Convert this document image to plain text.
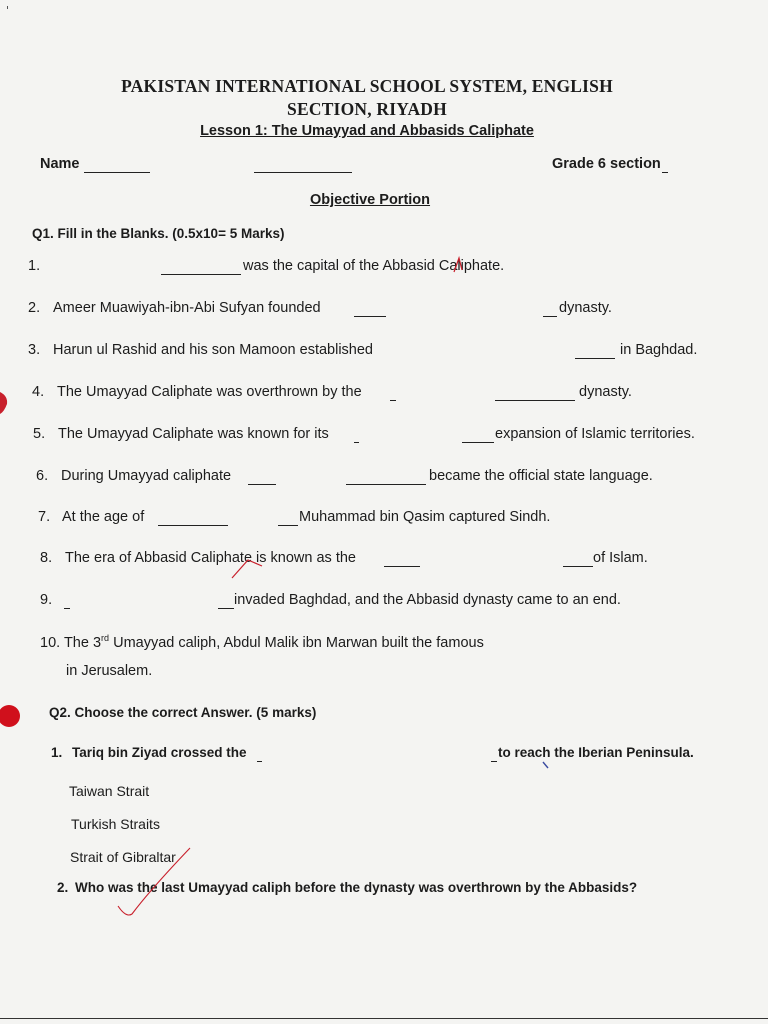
PAKISTAN INTERNATIONAL SCHOOL SYSTEM, ENGLISH
SECTION, RIYADH
Lesson 1: The Umayyad and Abbasids Caliphate
Name	Grade 6 section
Objective Portion
Q1. Fill in the Blanks. (0.5x10= 5 Marks)
1.	was the capital of the Abbasid Caliphate.
2. Ameer Muawiyah-ibn-Abi Sufyan founded	dynasty.
3. Harun ul Rashid and his son Mamoon established	in Baghdad.
4. The Umayyad Caliphate was overthrown by the	dynasty.
5. The Umayyad Caliphate was known for its	expansion of Islamic territories.
6. During Umayyad caliphate	became the official state language.
7. At the age of	Muhammad bin Qasim captured Sindh.
8. The era of Abbasid Caliphate is known as the	of Islam.
9.	invaded Baghdad, and the Abbasid dynasty came to an end.
10. The 3rd Umayyad caliph, Abdul Malik ibn Marwan built the famous
in Jerusalem.
Q2. Choose the correct Answer. (5 marks)
1. Tariq bin Ziyad crossed the	to reach the Iberian Peninsula.
Taiwan Strait
Turkish Straits
Strait of Gibraltar
2. Who was the last Umayyad caliph before the dynasty was overthrown by the Abbasids?
